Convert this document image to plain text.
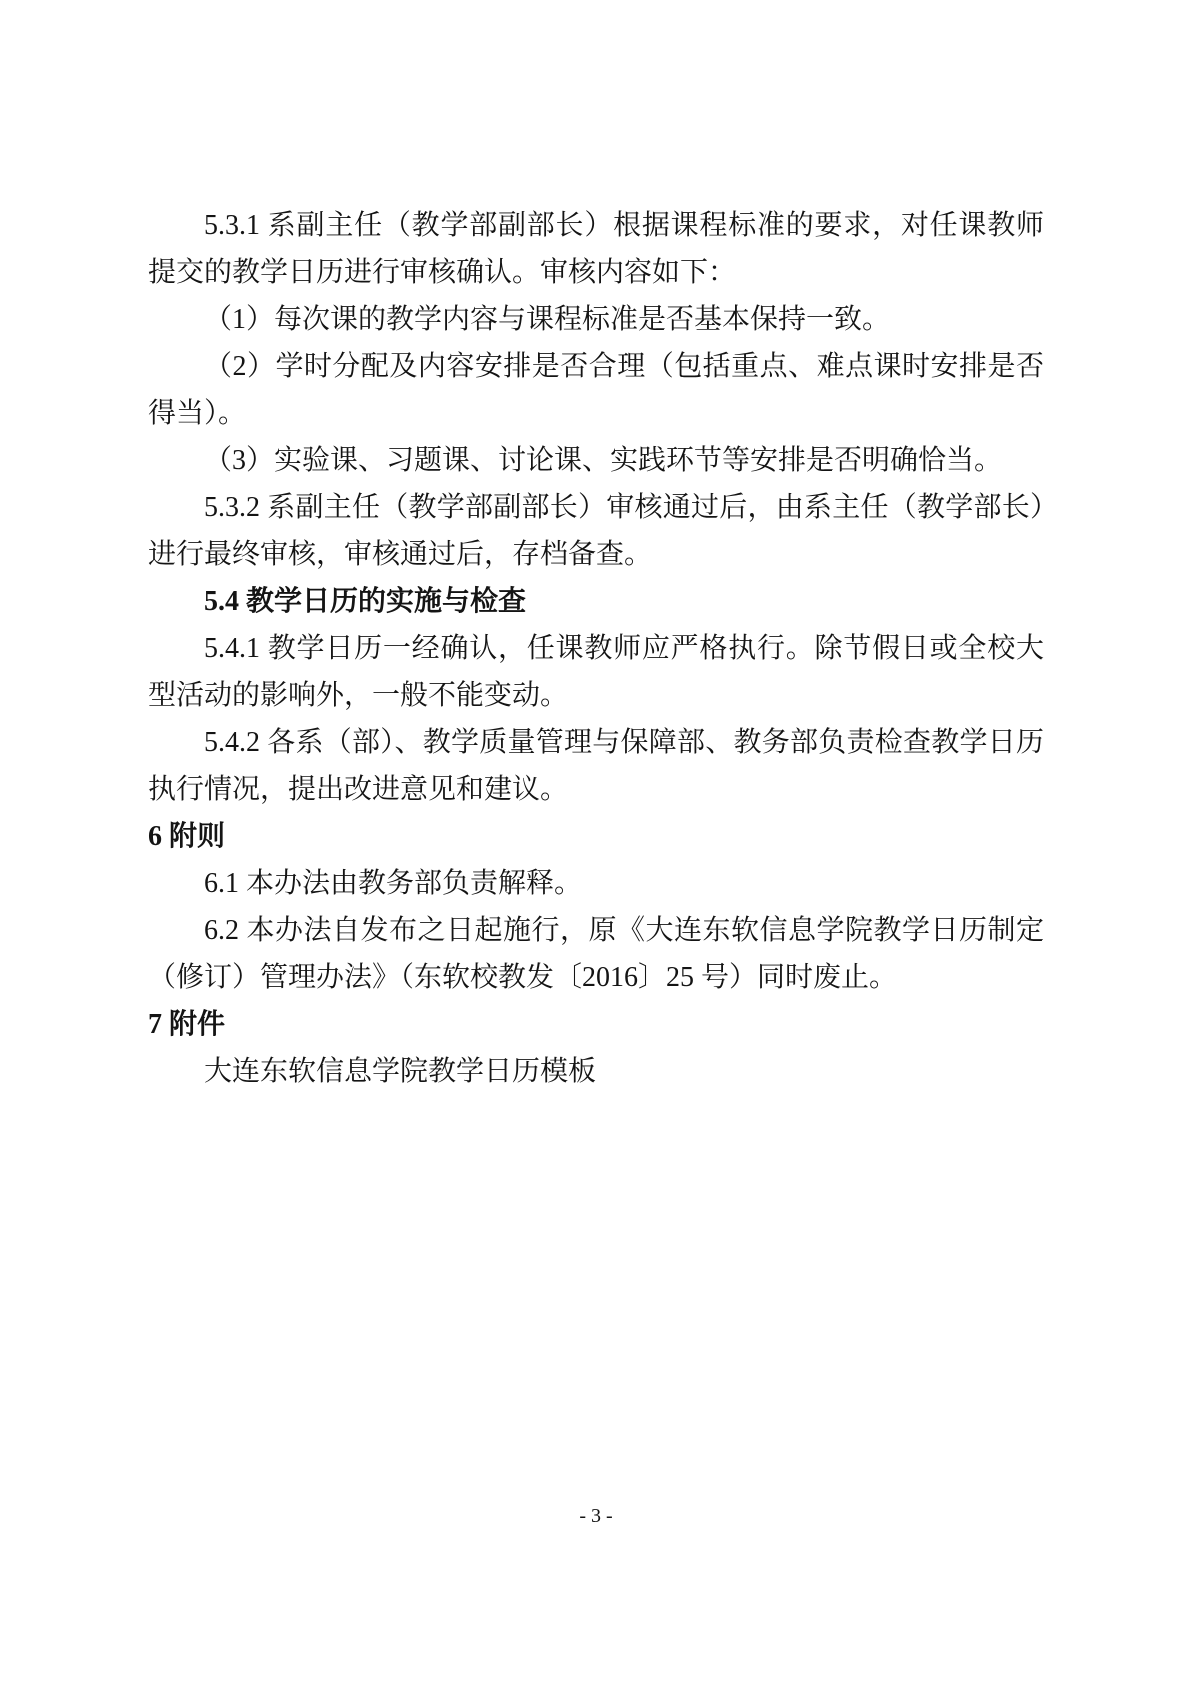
5.3.1 系副主任（教学部副部长）根据课程标准的要求，对任课教师提交的教学日历进行审核确认。审核内容如下：

（1）每次课的教学内容与课程标准是否基本保持一致。

（2）学时分配及内容安排是否合理（包括重点、难点课时安排是否得当）。

（3）实验课、习题课、讨论课、实践环节等安排是否明确恰当。

5.3.2 系副主任（教学部副部长）审核通过后，由系主任（教学部长）进行最终审核，审核通过后，存档备查。

5.4 教学日历的实施与检查

5.4.1 教学日历一经确认，任课教师应严格执行。除节假日或全校大型活动的影响外，一般不能变动。

5.4.2 各系（部）、教学质量管理与保障部、教务部负责检查教学日历执行情况，提出改进意见和建议。

6 附则

6.1 本办法由教务部负责解释。

6.2 本办法自发布之日起施行，原《大连东软信息学院教学日历制定（修订）管理办法》（东软校教发〔2016〕25 号）同时废止。

7 附件

大连东软信息学院教学日历模板

- 3 -
